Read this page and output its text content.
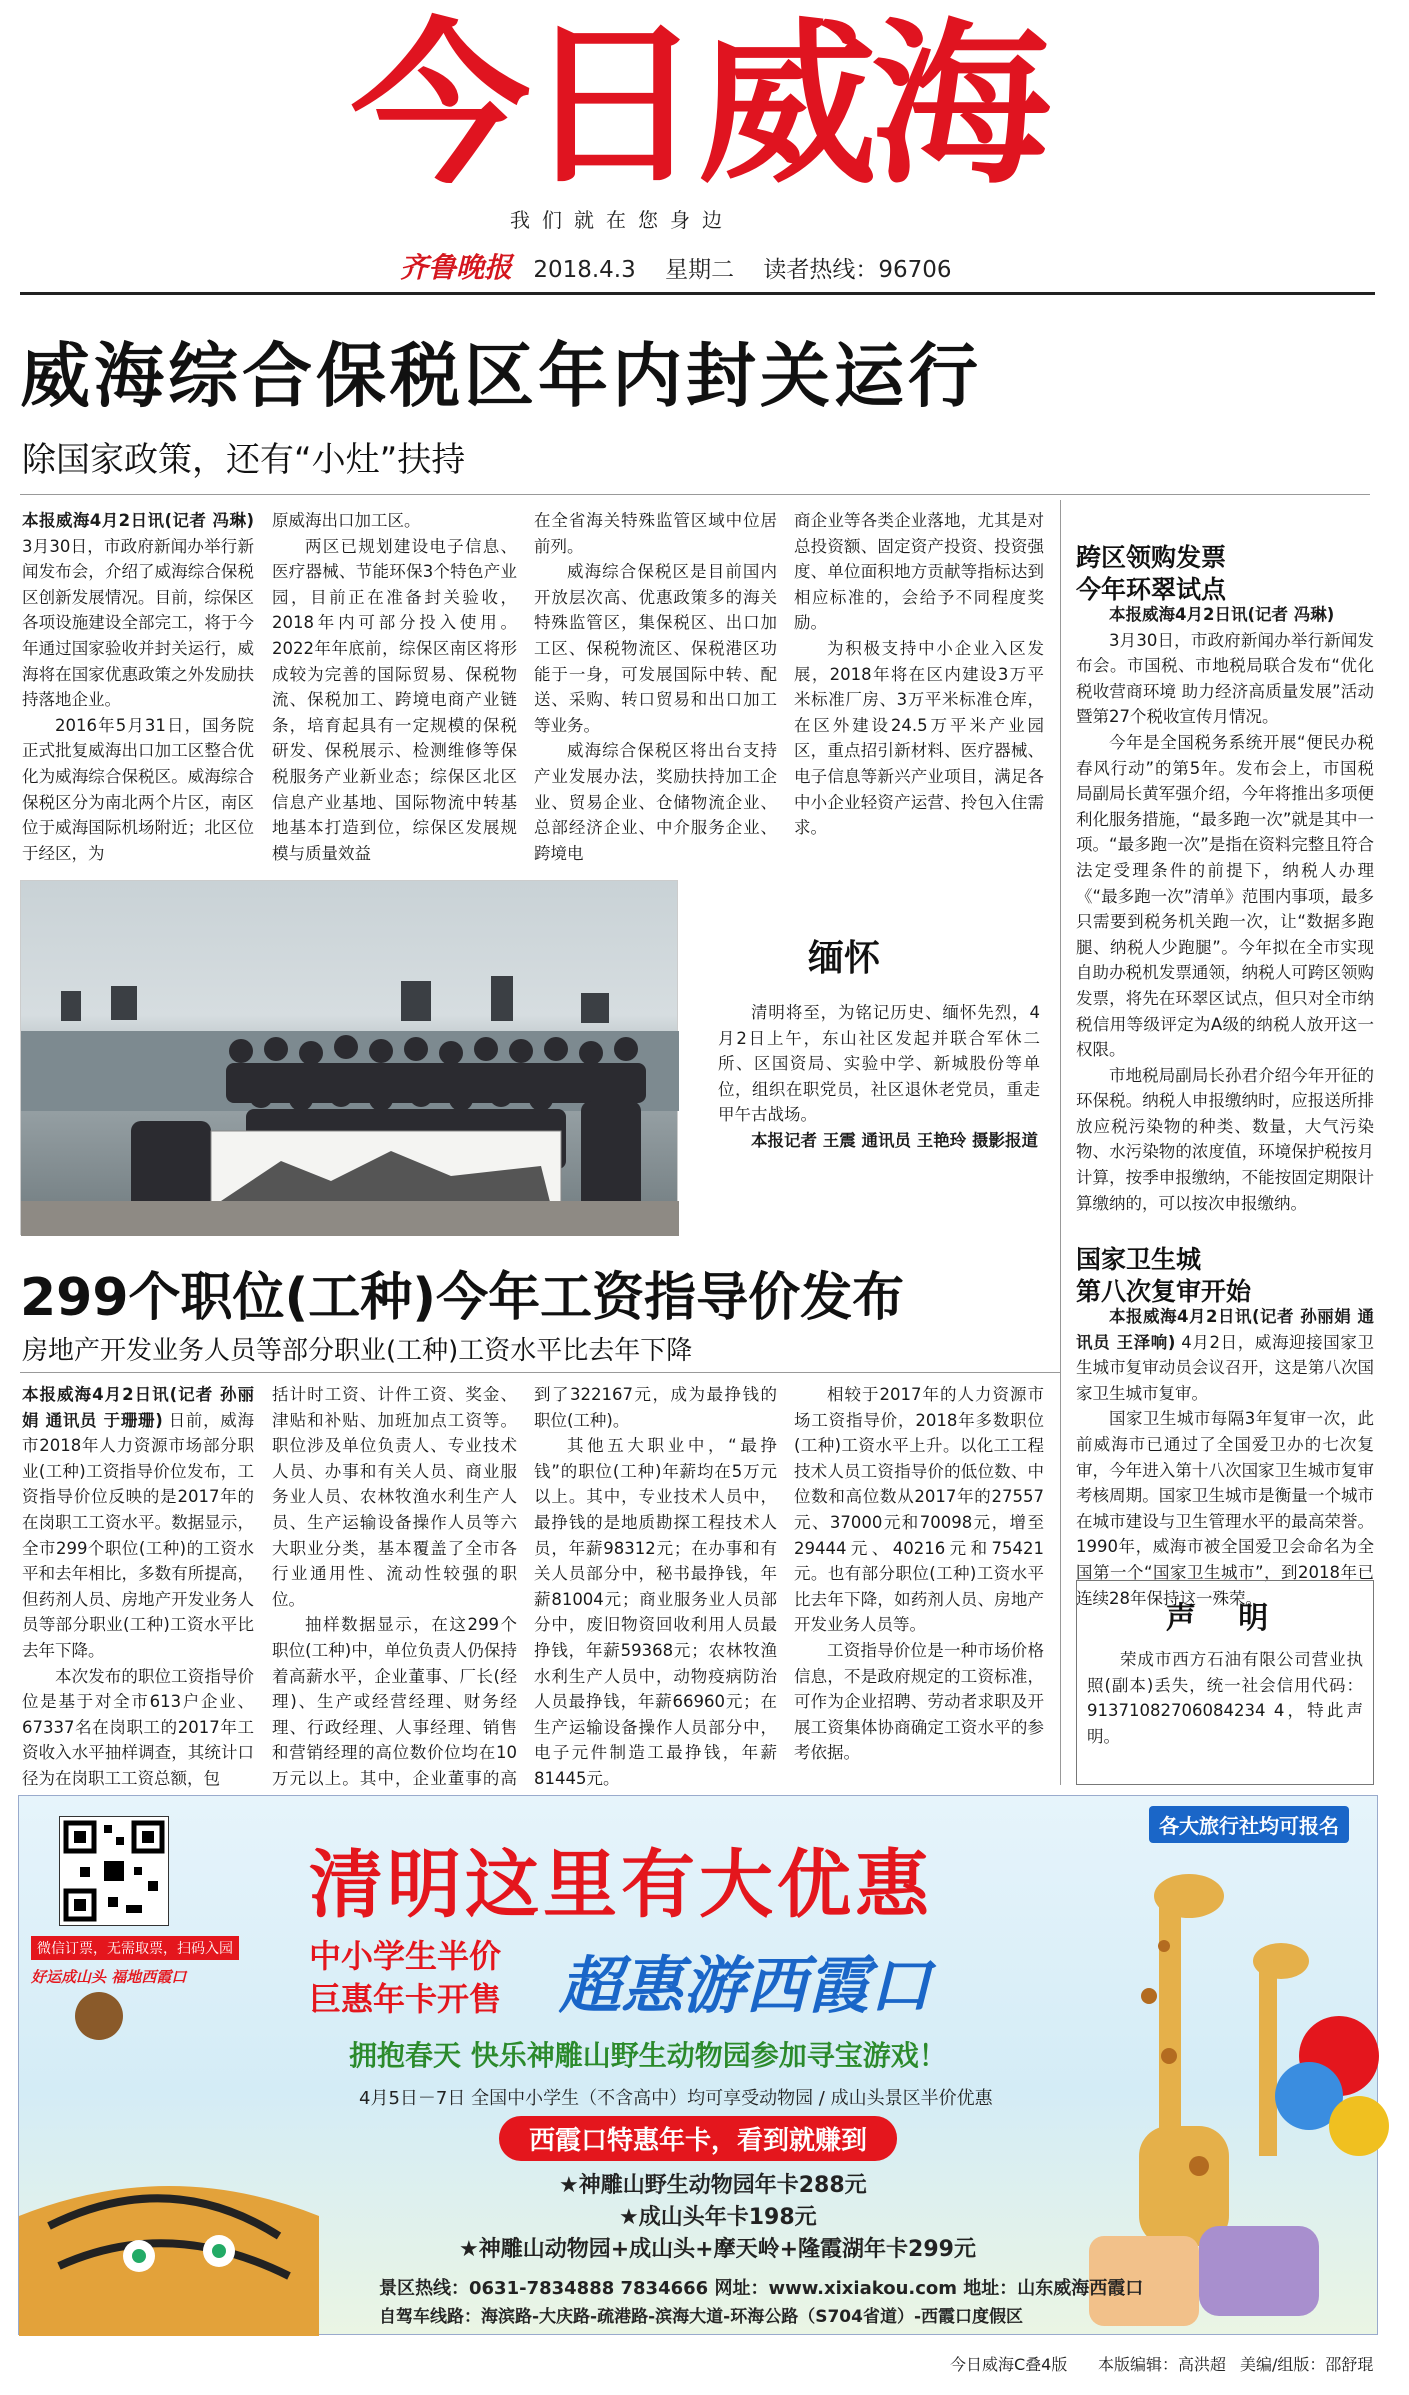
今日威海
我们就在您身边
齐鲁晚报 2018.4.3 星期二 读者热线：96706
威海综合保税区年内封关运行
除国家政策，还有“小灶”扶持

本报威海4月2日讯(记者 冯琳) 3月30日，市政府新闻办举行新闻发布会，介绍了威海综合保税区创新发展情况。目前，综保区各项设施建设全部完工，将于今年通过国家验收并封关运行，威海将在国家优惠政策之外发励扶持落地企业。

2016年5月31日，国务院正式批复威海出口加工区整合优化为威海综合保税区。威海综合保税区分为南北两个片区，南区位于威海国际机场附近；北区位于经区，为

原威海出口加工区。

两区已规划建设电子信息、医疗器械、节能环保3个特色产业园，目前正在准备封关验收，2018年内可部分投入使用。2022年年底前，综保区南区将形成较为完善的国际贸易、保税物流、保税加工、跨境电商产业链条，培育起具有一定规模的保税研发、保税展示、检测维修等保税服务产业新业态；综保区北区信息产业基地、国际物流中转基地基本打造到位，综保区发展规模与质量效益

在全省海关特殊监管区域中位居前列。

威海综合保税区是目前国内开放层次高、优惠政策多的海关特殊监管区，集保税区、出口加工区、保税物流区、保税港区功能于一身，可发展国际中转、配送、采购、转口贸易和出口加工等业务。

威海综合保税区将出台支持产业发展办法，奖励扶持加工企业、贸易企业、仓储物流企业、总部经济企业、中介服务企业、跨境电

商企业等各类企业落地，尤其是对总投资额、固定资产投资、投资强度、单位面积地方贡献等指标达到相应标准的，会给予不同程度奖励。

为积极支持中小企业入区发展，2018年将在区内建设3万平米标准厂房、3万平米标准仓库，在区外建设24.5万平米产业园区，重点招引新材料、医疗器械、电子信息等新兴产业项目，满足各中小企业轻资产运营、拎包入住需求。

缅怀

清明将至，为铭记历史、缅怀先烈，4月2日上午，东山社区发起并联合军休二所、区国资局、实验中学、新城股份等单位，组织在职党员，社区退休老党员，重走甲午古战场。

本报记者 王震 通讯员 王艳玲 摄影报道

299个职位(工种)今年工资指导价发布
房地产开发业务人员等部分职业(工种)工资水平比去年下降

本报威海4月2日讯(记者 孙丽娟 通讯员 于珊珊) 日前，威海市2018年人力资源市场部分职业(工种)工资指导价位发布，工资指导价位反映的是2017年的在岗职工工资水平。数据显示，全市299个职位(工种)的工资水平和去年相比，多数有所提高，但药剂人员、房地产开发业务人员等部分职业(工种)工资水平比去年下降。

本次发布的职位工资指导价位是基于对全市613户企业、67337名在岗职工的2017年工资收入水平抽样调查，其统计口径为在岗职工工资总额，包

括计时工资、计件工资、奖金、津贴和补贴、加班加点工资等。职位涉及单位负责人、专业技术人员、办事和有关人员、商业服务业人员、农林牧渔水利生产人员、生产运输设备操作人员等六大职业分类，基本覆盖了全市各行业通用性、流动性较强的职位。

抽样数据显示，在这299个职位(工种)中，单位负责人仍保持着高薪水平，企业董事、厂长(经理)、生产或经营经理、财务经理、行政经理、人事经理、销售和营销经理的高位数价位均在10万元以上。其中，企业董事的高

到了322167元，成为最挣钱的职位(工种)。

其他五大职业中，“最挣钱”的职位(工种)年薪均在5万元以上。其中，专业技术人员中，最挣钱的是地质勘探工程技术人员，年薪98312元；在办事和有关人员部分中，秘书最挣钱，年薪81004元；商业服务业人员部分中，废旧物资回收利用人员最挣钱，年薪59368元；农林牧渔水利生产人员中，动物疫病防治人员最挣钱，年薪66960元；在生产运输设备操作人员部分中，电子元件制造工最挣钱，年薪81445元。

相较于2017年的人力资源市场工资指导价，2018年多数职位(工种)工资水平上升。以化工工程技术人员工资指导价的低位数、中位数和高位数从2017年的27557元、37000元和70098元，增至29444元、40216元和75421元。也有部分职位(工种)工资水平比去年下降，如药剂人员、房地产开发业务人员等。

工资指导价位是一种市场价格信息，不是政府规定的工资标准，可作为企业招聘、劳动者求职及开展工资集体协商确定工资水平的参考依据。

跨区领购发票
今年环翠试点

本报威海4月2日讯(记者 冯琳)

3月30日，市政府新闻办举行新闻发布会。市国税、市地税局联合发布“优化税收营商环境 助力经济高质量发展”活动暨第27个税收宣传月情况。

今年是全国税务系统开展“便民办税春风行动”的第5年。发布会上，市国税局副局长黄军强介绍，今年将推出多项便利化服务措施，“最多跑一次”就是其中一项。“最多跑一次”是指在资料完整且符合法定受理条件的前提下，纳税人办理《“最多跑一次”清单》范围内事项，最多只需要到税务机关跑一次，让“数据多跑腿、纳税人少跑腿”。今年拟在全市实现自助办税机发票通领，纳税人可跨区领购发票，将先在环翠区试点，但只对全市纳税信用等级评定为A级的纳税人放开这一权限。

市地税局副局长孙君介绍今年开征的环保税。纳税人申报缴纳时，应报送所排放应税污染物的种类、数量，大气污染物、水污染物的浓度值，环境保护税按月计算，按季申报缴纳，不能按固定期限计算缴纳的，可以按次申报缴纳。

国家卫生城
第八次复审开始

本报威海4月2日讯(记者 孙丽娟 通讯员 王泽响) 4月2日，威海迎接国家卫生城市复审动员会议召开，这是第八次国家卫生城市复审。

国家卫生城市每隔3年复审一次，此前威海市已通过了全国爱卫办的七次复审，今年进入第十八次国家卫生城市复审考核周期。国家卫生城市是衡量一个城市在城市建设与卫生管理水平的最高荣誉。1990年，威海市被全国爱卫会命名为全国第一个“国家卫生城市”，到2018年已连续28年保持这一殊荣。

声 明

荣成市西方石油有限公司营业执照(副本)丢失，统一社会信用代码：91371082706084234 4，特此声明。

微信订票，无需取票，扫码入园
好运成山头 福地西霞口
各大旅行社均可报名
清明这里有大优惠
中小学生半价
巨惠年卡开售 超惠游西霞口
拥抱春天 快乐神雕山野生动物园参加寻宝游戏！
4月5日－7日 全国中小学生（不含高中）均可享受动物园 / 成山头景区半价优惠
西霞口特惠年卡，看到就赚到
★神雕山野生动物园年卡288元
★成山头年卡198元
★神雕山动物园+成山头+摩天岭+隆霞湖年卡299元
景区热线：0631-7834888 7834666 网址：www.xixiakou.com 地址：山东威海西霞口
自驾车线路：海滨路-大庆路-疏港路-滨海大道-环海公路（S704省道）-西霞口度假区
今日威海C叠4版 本版编辑：高洪超 美编/组版：邵舒琨
